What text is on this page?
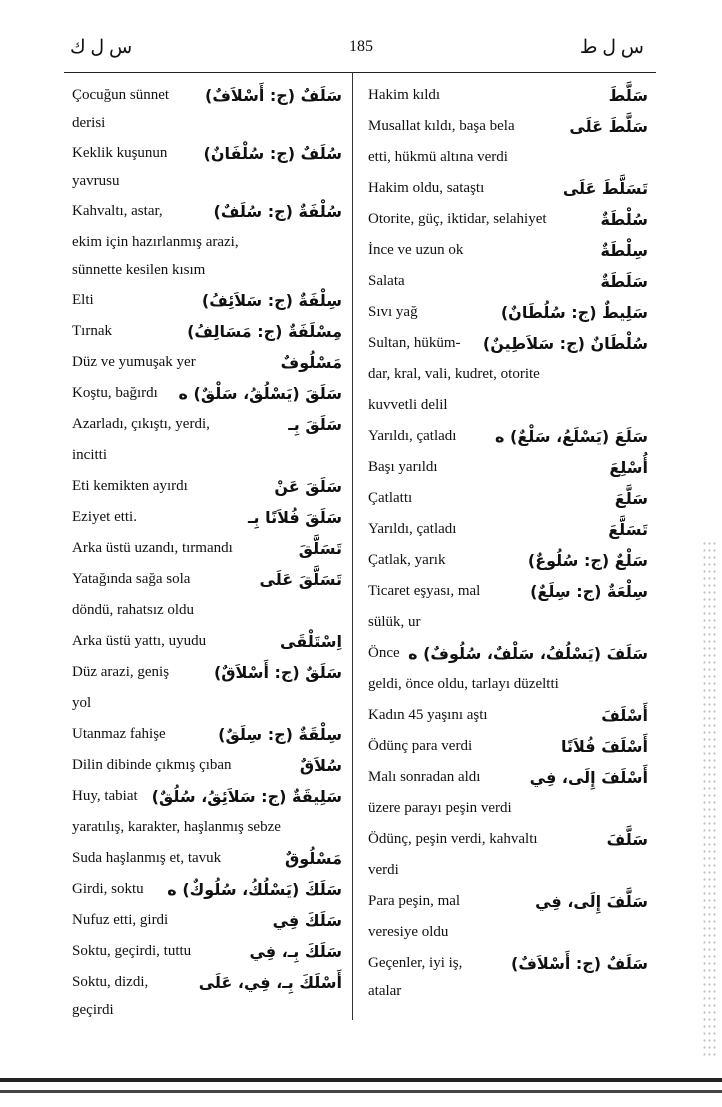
س ل ك	185	س ل ط
Çocuğun sünnet سَلَفٌ (ج: أَسْلاَفٌ)
derisi
Keklik kuşunun سُلَفٌ (ج: سُلْفَانٌ)
yavrusu
Kahvaltı, astar,	سُلْفَةٌ (ج: سُلَفٌ)
ekim için hazırlanmış arazi,
sünnette kesilen kısım
Elti	سِلْفَةٌ (ج: سَلاَئِفُ)
Tırnak	مِسْلَفَةٌ (ج: مَسَالِفُ)
Düz ve yumuşak yer	مَسْلُوفٌ
Koştu, bağırdı سَلَقَ (يَسْلُقُ، سَلْقٌ) ه
Azarladı, çıkıştı, yerdi,	سَلَقَ بِـ
incitti
Eti kemikten ayırdı	سَلَقَ عَنْ
Eziyet etti.	سَلَقَ فُلاَنًا بِـ
Arka üstü uzandı, tırmandı	تَسَلَّقَ
Yatağında sağa sola	تَسَلَّقَ عَلَى
döndü, rahatsız oldu
Arka üstü yattı, uyudu	اِسْتَلْقَى
Düz arazi, geniş	سَلَقٌ (ج: أَسْلاَقٌ)
yol
Utanmaz fahişe	سِلْقَةٌ (ج: سِلَقٌ)
Dilin dibinde çıkmış çıban	سُلاَقٌ
Huy, tabiat سَلِيقَةٌ (ج: سَلاَئِقُ، سُلُقٌ)
yaratılış, karakter, haşlanmış sebze
Suda haşlanmış et, tavuk	مَسْلُوقٌ
Girdi, soktu سَلَكَ (يَسْلُكُ، سُلُوكٌ) ه
Nufuz etti, girdi	سَلَكَ فِي
Soktu, geçirdi, tuttu	سَلَكَ بِـ، فِي
Soktu, dizdi,	أَسْلَكَ بِـ، فِي، عَلَى
geçirdi
Hakim kıldı	سَلَّطَ
Musallat kıldı, başa bela	سَلَّطَ عَلَى
etti, hükmü altına verdi
Hakim oldu, sataştı	تَسَلَّطَ عَلَى
Otorite, güç, iktidar, selahiyet	سُلْطَةٌ
İnce ve uzun ok	سِلْطَةٌ
Salata	سَلَطَةٌ
Sıvı yağ	سَلِيطٌ (ج: سُلُطَانٌ)
Sultan, hüküm- سُلْطَانٌ (ج: سَلاَطِينٌ)
dar, kral, vali, kudret, otorite
kuvvetli delil
Yarıldı, çatladı سَلَعَ (يَسْلَعُ، سَلْعٌ) ه
Başı yarıldı	أُسْلِعَ
Çatlattı	سَلَّعَ
Yarıldı, çatladı	تَسَلَّعَ
Çatlak, yarık	سَلْعٌ (ج: سُلُوعٌ)
Ticaret eşyası, mal	سِلْعَةٌ (ج: سِلَعٌ)
sülük, ur
Önce سَلَفَ (يَسْلُفُ، سَلْفٌ، سُلُوفٌ) ه
geldi, önce oldu, tarlayı düzeltti
Kadın 45 yaşını aştı	أَسْلَفَ
Ödünç para verdi	أَسْلَفَ فُلاَنًا
Malı sonradan aldı	أَسْلَفَ إِلَى، فِي
üzere parayı peşin verdi
Ödünç, peşin verdi, kahvaltı	سَلَّفَ
verdi
Para peşin, mal	سَلَّفَ إِلَى، فِي
veresiye oldu
Geçenler, iyi iş,	سَلَفٌ (ج: أَسْلاَفٌ)
atalar
